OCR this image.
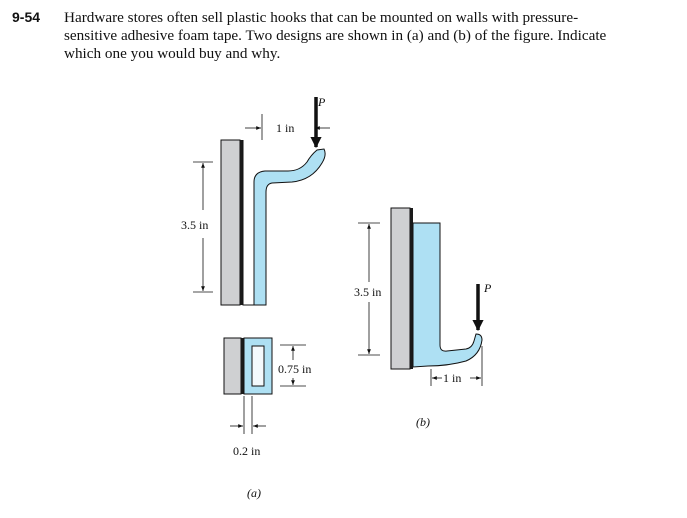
9-54 Hardware stores often sell plastic hooks that can be mounted on walls with pressure-
sensitive adhesive foam tape. Two designs are shown in (a) and (b) of the figure. Indicate
which one you would buy and why.
P
1 in
3.5 in
0.75 in
0.2 in
(a)
P
3.5 in
1 in
(b)
